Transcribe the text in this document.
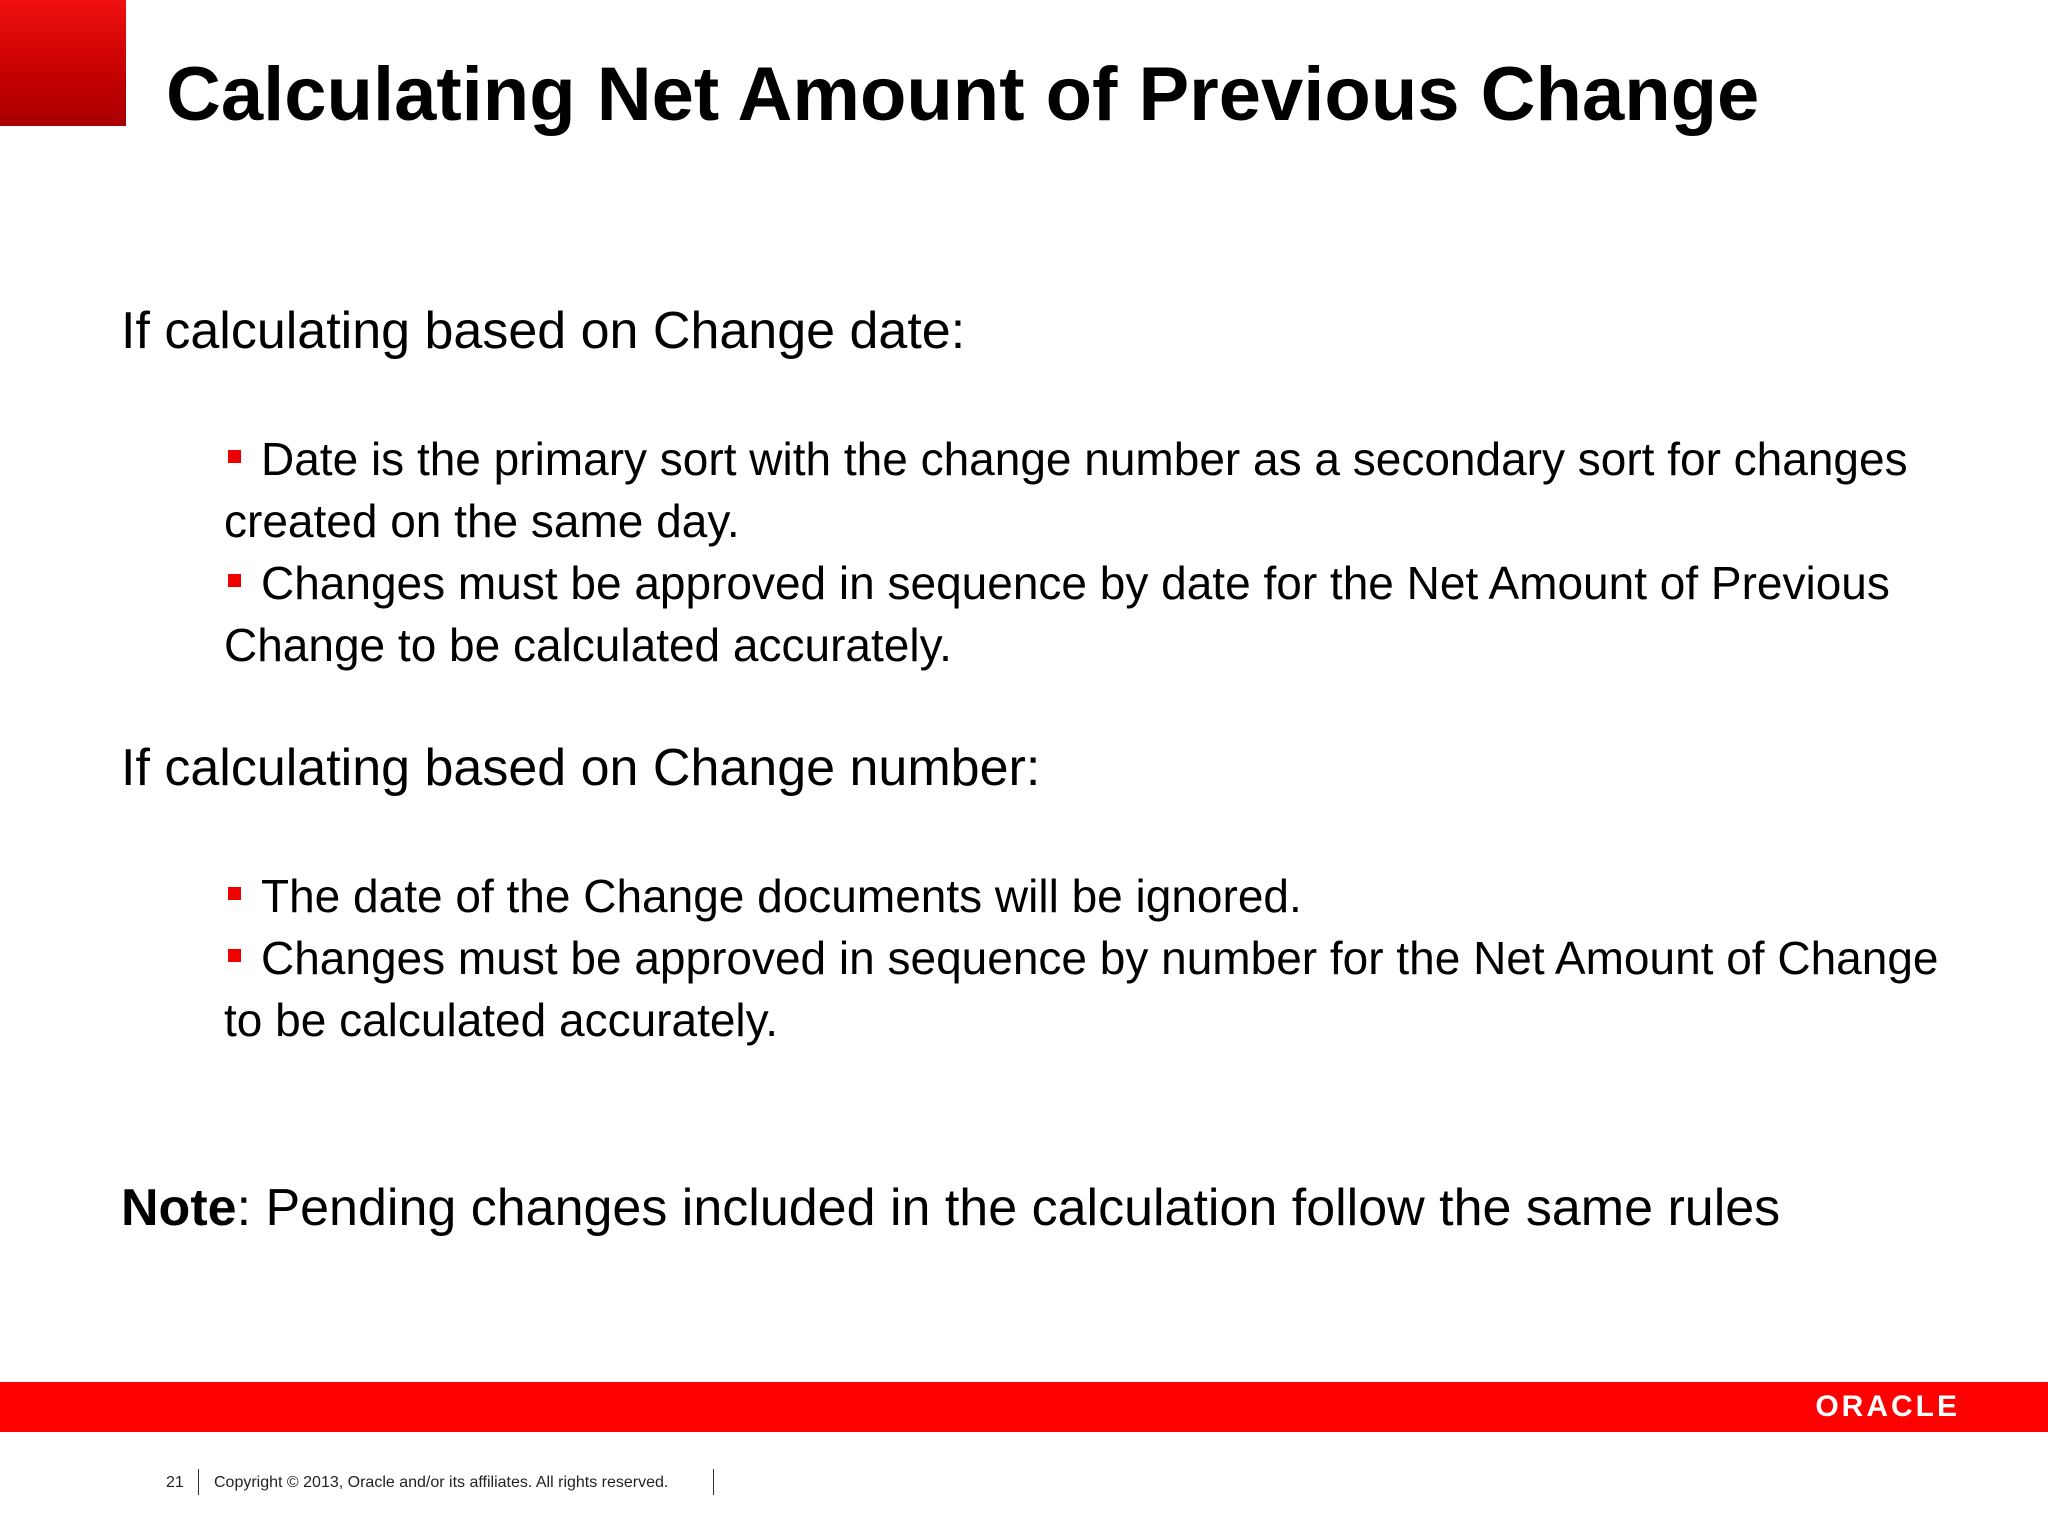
Calculating Net Amount of Previous Change
If calculating based on Change date:

Date is the primary sort with the change number as a secondary sort for changes created on the same day.

Changes must be approved in sequence by date for the Net Amount of Previous Change to be calculated accurately.

If calculating based on Change number:

The date of the Change documents will be ignored.

Changes must be approved in sequence by number for the Net Amount of Change to be calculated accurately.

Note: Pending changes included in the calculation follow the same rules
ORACLE
21 Copyright © 2013, Oracle and/or its affiliates. All rights reserved.
